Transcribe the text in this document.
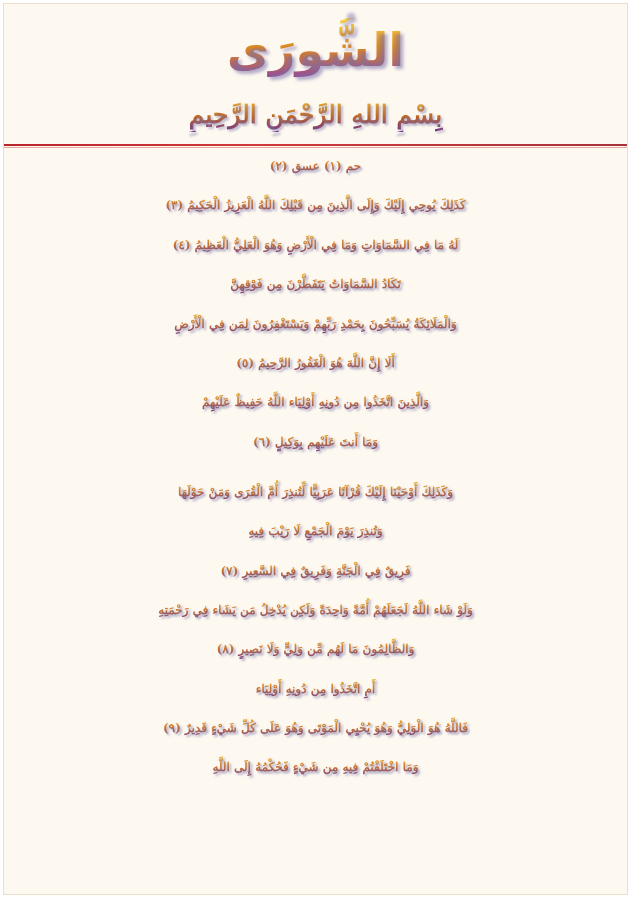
الشُّورَى
بِسْمِ اللهِ الرَّحْمَنِ الرَّحِيمِ
حم (١) عسق (٢)
كَذَلِكَ يُوحِي إِلَيْكَ وَإِلَى الَّذِينَ مِن قَبْلِكَ اللَّهُ الْعَزِيزُ الْحَكِيمُ (٣)
لَهُ مَا فِي السَّمَاوَاتِ وَمَا فِي الْأَرْضِ وَهُوَ الْعَلِيُّ الْعَظِيمُ (٤)
تَكَادُ السَّمَاوَاتُ يَتَفَطَّرْنَ مِن فَوْقِهِنَّ
وَالْمَلَائِكَةُ يُسَبِّحُونَ بِحَمْدِ رَبِّهِمْ وَيَسْتَغْفِرُونَ لِمَن فِي الْأَرْضِ
أَلَا إِنَّ اللَّهَ هُوَ الْغَفُورُ الرَّحِيمُ (٥)
وَالَّذِينَ اتَّخَذُوا مِن دُونِهِ أَوْلِيَاء اللَّهُ حَفِيظٌ عَلَيْهِمْ
وَمَا أَنتَ عَلَيْهِم بِوَكِيلٍ (٦)
وَكَذَلِكَ أَوْحَيْنَا إِلَيْكَ قُرْآنًا عَرَبِيًّا لِّتُنذِرَ أُمَّ الْقُرَى وَمَنْ حَوْلَهَا
وَتُنذِرَ يَوْمَ الْجَمْعِ لَا رَيْبَ فِيهِ
فَرِيقٌ فِي الْجَنَّةِ وَفَرِيقٌ فِي السَّعِيرِ (٧)
وَلَوْ شَاء اللَّهُ لَجَعَلَهُمْ أُمَّةً وَاحِدَةً وَلَكِن يُدْخِلُ مَن يَشَاء فِي رَحْمَتِهِ
وَالظَّالِمُونَ مَا لَهُم مِّن وَلِيٍّ وَلَا نَصِيرٍ (٨)
أَمِ اتَّخَذُوا مِن دُونِهِ أَوْلِيَاء
فَاللَّهُ هُوَ الْوَلِيُّ وَهُوَ يُحْيِي الْمَوْتَى وَهُوَ عَلَى كُلِّ شَيْءٍ قَدِيرٌ (٩)
وَمَا اخْتَلَفْتُمْ فِيهِ مِن شَيْءٍ فَحُكْمُهُ إِلَى اللَّهِ
